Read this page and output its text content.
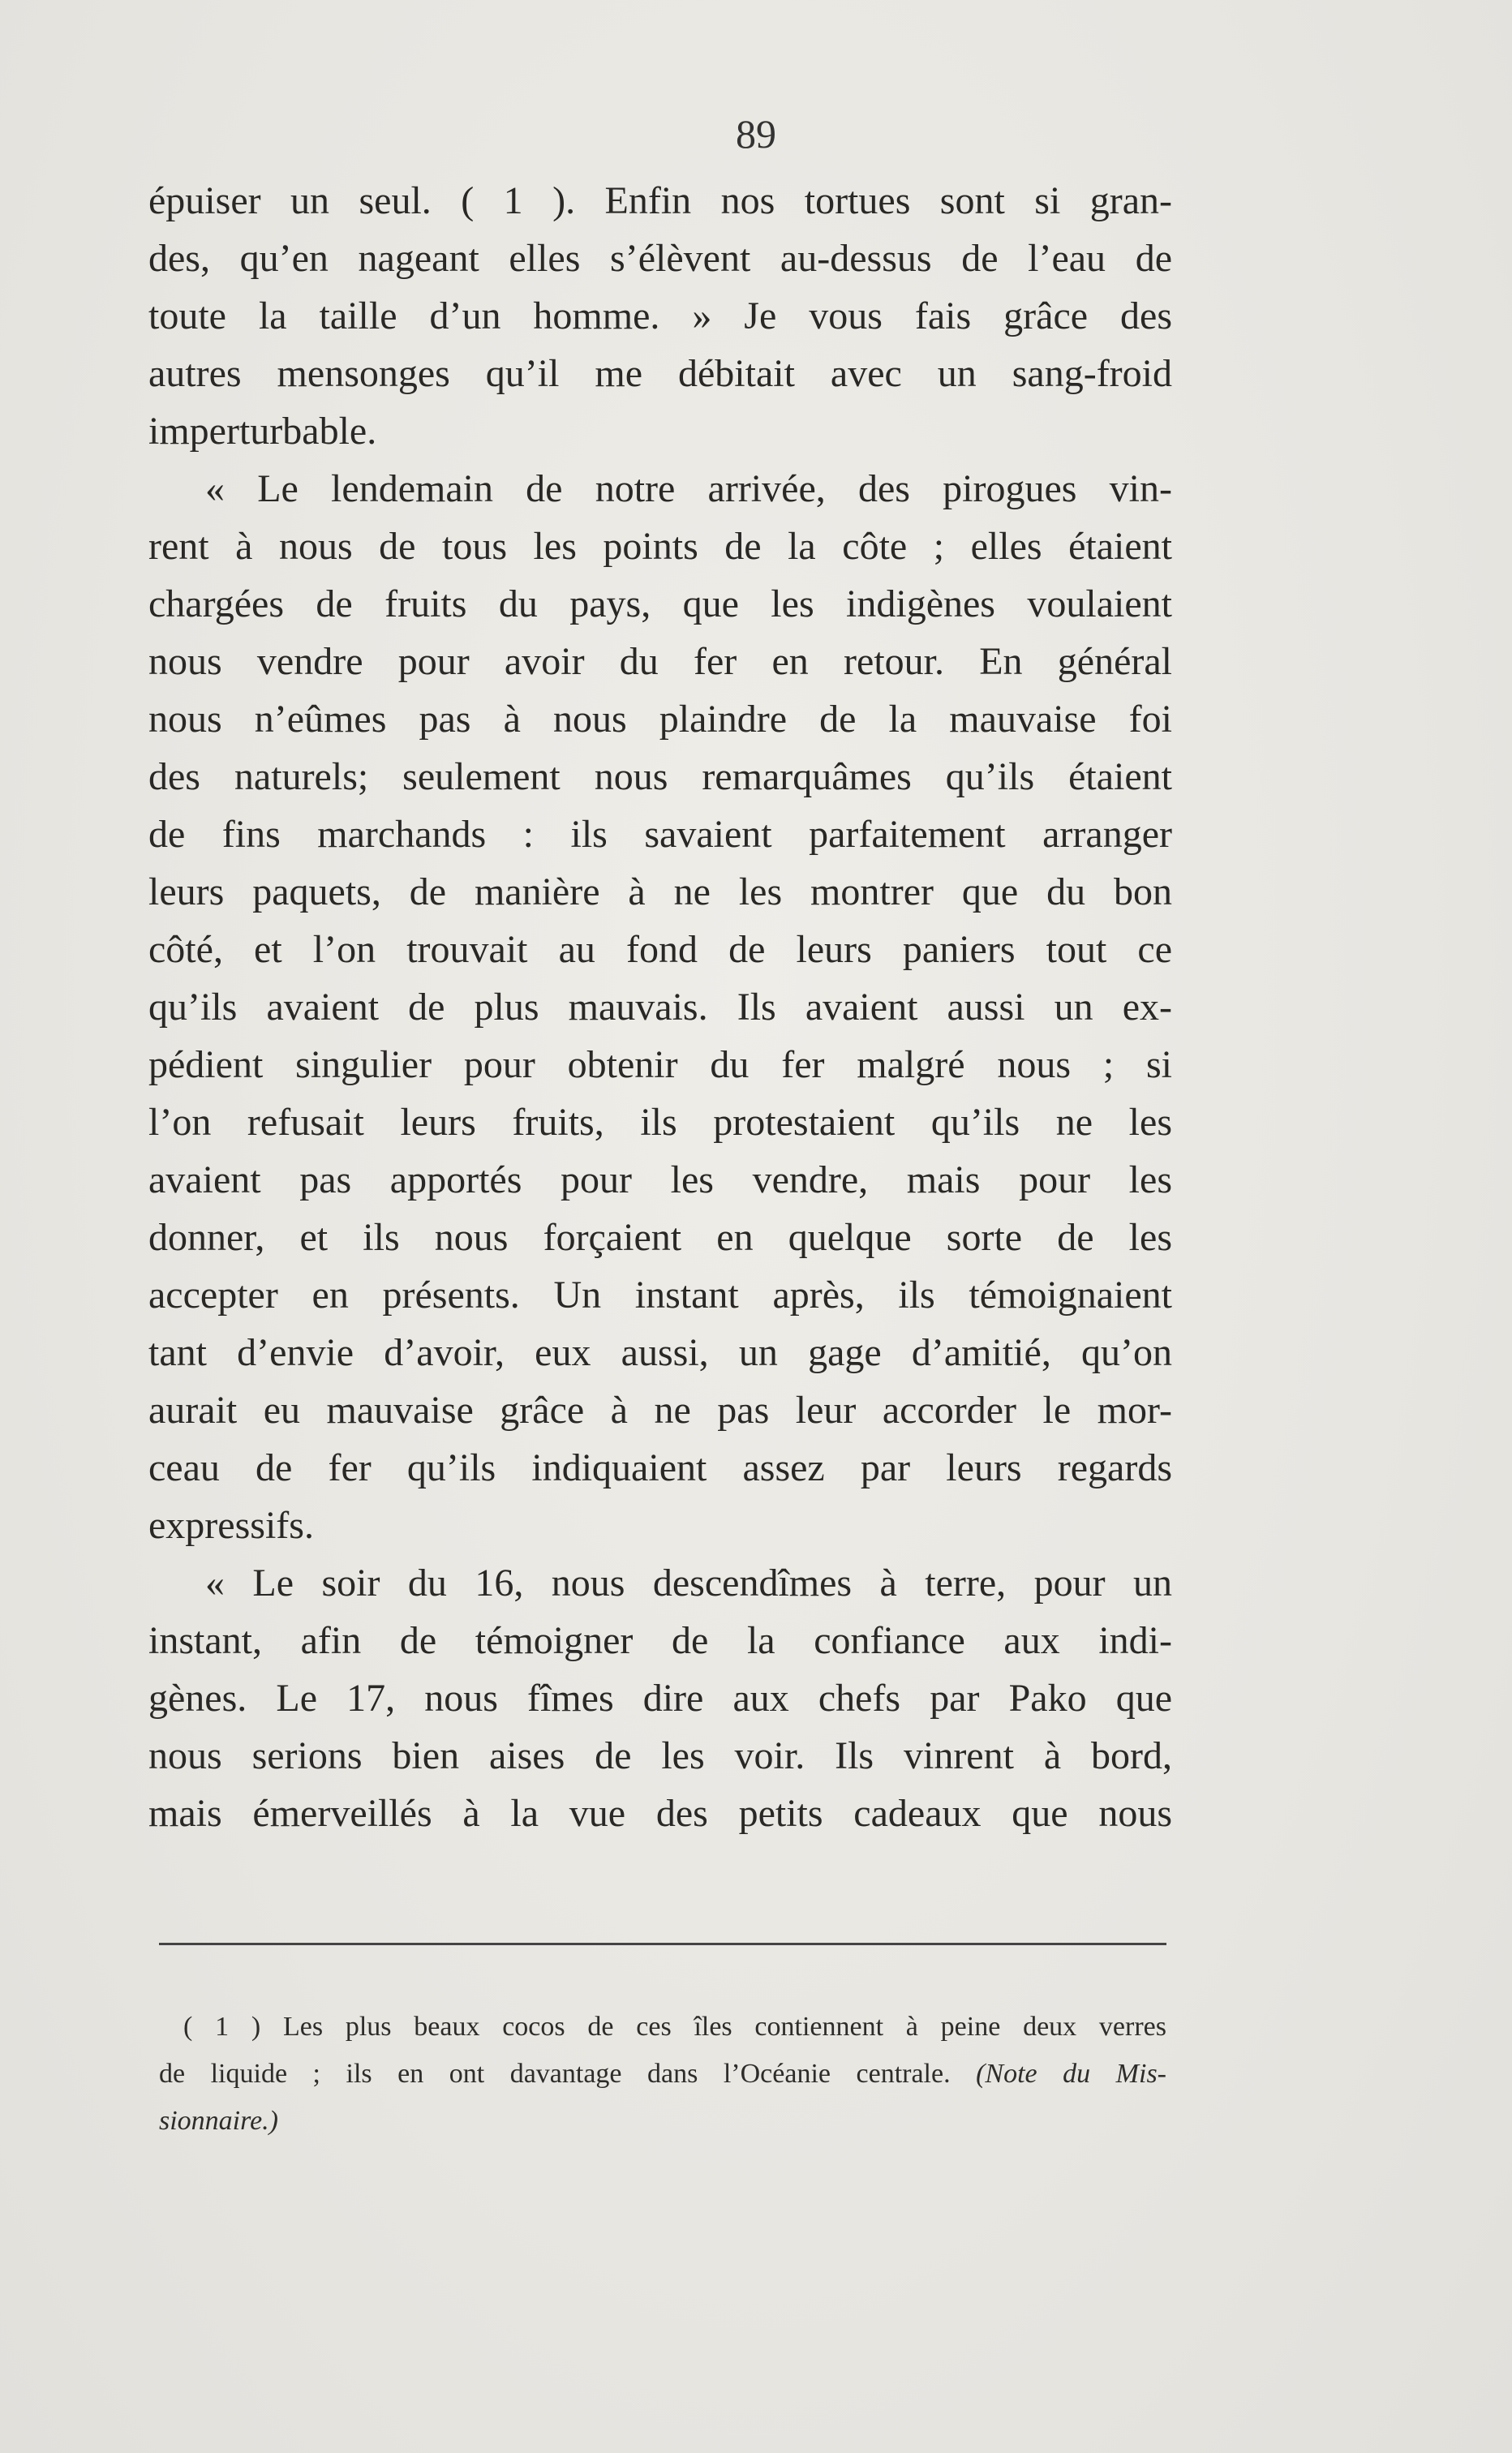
89
épuiser un seul. ( 1 ). Enfin nos tortues sont si gran-
des, qu’en nageant elles s’élèvent au-dessus de l’eau de
toute la taille d’un homme. » Je vous fais grâce des
autres mensonges qu’il me débitait avec un sang-froid
imperturbable.
« Le lendemain de notre arrivée, des pirogues vin-
rent à nous de tous les points de la côte ; elles étaient
chargées de fruits du pays, que les indigènes voulaient
nous vendre pour avoir du fer en retour. En général
nous n’eûmes pas à nous plaindre de la mauvaise foi
des naturels; seulement nous remarquâmes qu’ils étaient
de fins marchands : ils savaient parfaitement arranger
leurs paquets, de manière à ne les montrer que du bon
côté, et l’on trouvait au fond de leurs paniers tout ce
qu’ils avaient de plus mauvais. Ils avaient aussi un ex-
pédient singulier pour obtenir du fer malgré nous ; si
l’on refusait leurs fruits, ils protestaient qu’ils ne les
avaient pas apportés pour les vendre, mais pour les
donner, et ils nous forçaient en quelque sorte de les
accepter en présents. Un instant après, ils témoignaient
tant d’envie d’avoir, eux aussi, un gage d’amitié, qu’on
aurait eu mauvaise grâce à ne pas leur accorder le mor-
ceau de fer qu’ils indiquaient assez par leurs regards
expressifs.
« Le soir du 16, nous descendîmes à terre, pour un
instant, afin de témoigner de la confiance aux indi-
gènes. Le 17, nous fîmes dire aux chefs par Pako que
nous serions bien aises de les voir. Ils vinrent à bord,
mais émerveillés à la vue des petits cadeaux que nous
( 1 ) Les plus beaux cocos de ces îles contiennent à peine deux verres
de liquide ; ils en ont davantage dans l’Océanie centrale. (Note du Mis-
sionnaire.)
